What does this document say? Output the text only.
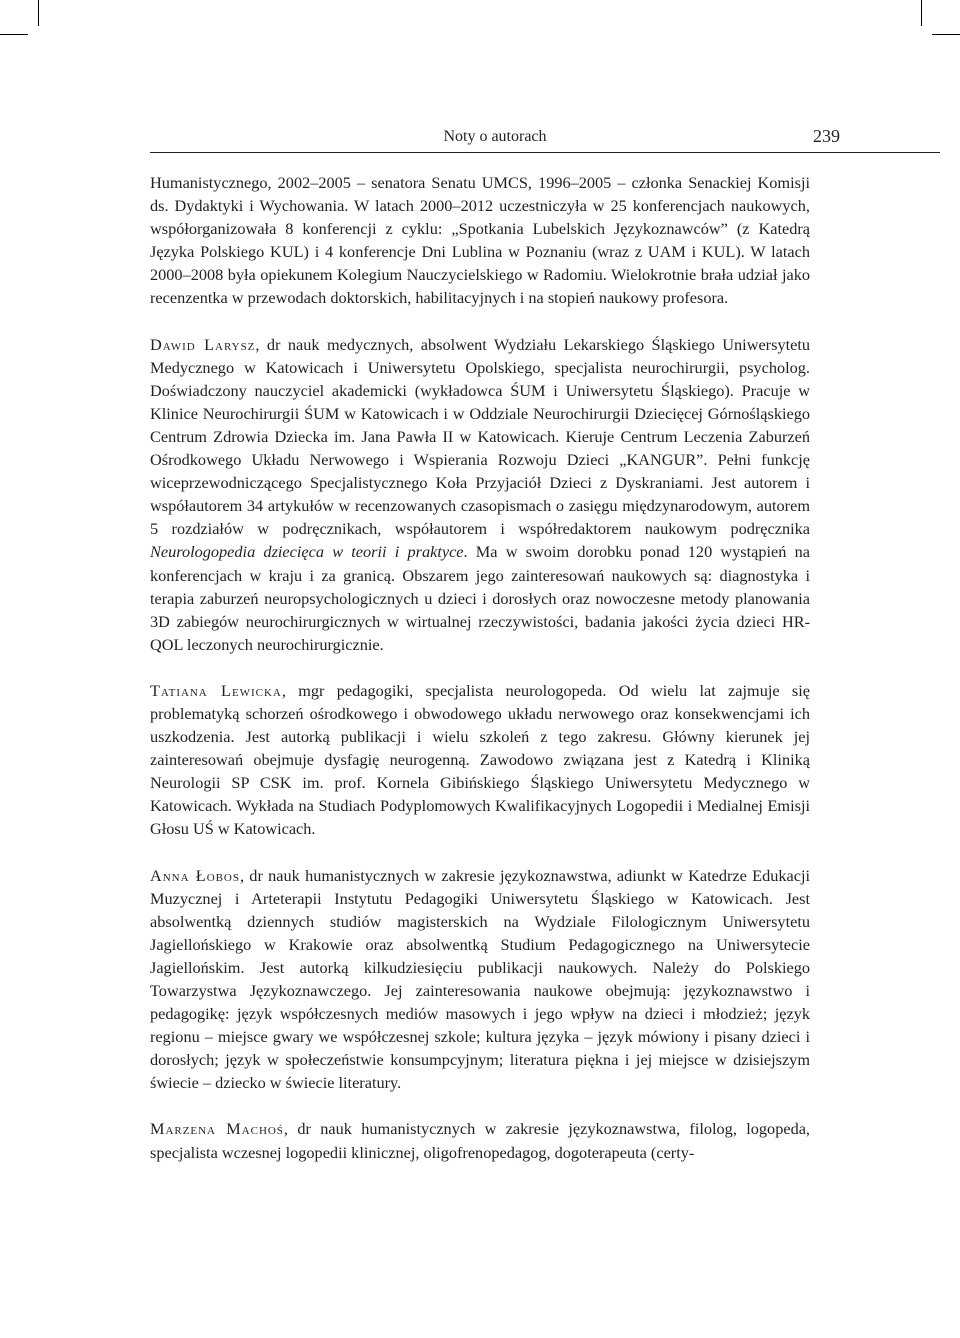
Noty o autorach	239

Humanistycznego, 2002–2005 – senatora Senatu UMCS, 1996–2005 – członka Senackiej Komisji ds. Dydaktyki i Wychowania. W latach 2000–2012 uczestniczyła w 25 konferencjach naukowych, współorganizowała 8 konferencji z cyklu: „Spotkania Lubelskich Językoznawców” (z Katedrą Języka Polskiego KUL) i 4 konferencje Dni Lublina w Poznaniu (wraz z UAM i KUL). W latach 2000–2008 była opiekunem Kolegium Nauczycielskiego w Radomiu. Wielokrotnie brała udział jako recenzentka w przewodach doktorskich, habilitacyjnych i na stopień naukowy profesora.

Dawid Larysz, dr nauk medycznych, absolwent Wydziału Lekarskiego Śląskiego Uniwersytetu Medycznego w Katowicach i Uniwersytetu Opolskiego, specjalista neurochirurgii, psycholog. Doświadczony nauczyciel akademicki (wykładowca ŚUM i Uniwersytetu Śląskiego). Pracuje w Klinice Neurochirurgii ŚUM w Katowicach i w Oddziale Neurochirurgii Dziecięcej Górnośląskiego Centrum Zdrowia Dziecka im. Jana Pawła II w Katowicach. Kieruje Centrum Leczenia Zaburzeń Ośrodkowego Układu Nerwowego i Wspierania Rozwoju Dzieci „KANGUR”. Pełni funkcję wiceprzewodniczącego Specjalistycznego Koła Przyjaciół Dzieci z Dyskraniami. Jest autorem i współautorem 34 artykułów w recenzowanych czasopismach o zasięgu międzynarodowym, autorem 5 rozdziałów w podręcznikach, współautorem i współredaktorem naukowym podręcznika Neurologopedia dziecięca w teorii i praktyce. Ma w swoim dorobku ponad 120 wystąpień na konferencjach w kraju i za granicą. Obszarem jego zainteresowań naukowych są: diagnostyka i terapia zaburzeń neuropsychologicznych u dzieci i dorosłych oraz nowoczesne metody planowania 3D zabiegów neurochirurgicznych w wirtualnej rzeczywistości, badania jakości życia dzieci HR-QOL leczonych neurochirurgicznie.

Tatiana Lewicka, mgr pedagogiki, specjalista neurologopeda. Od wielu lat zajmuje się problematyką schorzeń ośrodkowego i obwodowego układu nerwowego oraz konsekwencjami ich uszkodzenia. Jest autorką publikacji i wielu szkoleń z tego zakresu. Główny kierunek jej zainteresowań obejmuje dysfagię neurogenną. Zawodowo związana jest z Katedrą i Kliniką Neurologii SP CSK im. prof. Kornela Gibińskiego Śląskiego Uniwersytetu Medycznego w Katowicach. Wykłada na Studiach Podyplomowych Kwalifikacyjnych Logopedii i Medialnej Emisji Głosu UŚ w Katowicach.

Anna Łobos, dr nauk humanistycznych w zakresie językoznawstwa, adiunkt w Katedrze Edukacji Muzycznej i Arteterapii Instytutu Pedagogiki Uniwersytetu Śląskiego w Katowicach. Jest absolwentką dziennych studiów magisterskich na Wydziale Filologicznym Uniwersytetu Jagiellońskiego w Krakowie oraz absolwentką Studium Pedagogicznego na Uniwersytecie Jagiellońskim. Jest autorką kilkudziesięciu publikacji naukowych. Należy do Polskiego Towarzystwa Językoznawczego. Jej zainteresowania naukowe obejmują: językoznawstwo i pedagogikę: język współczesnych mediów masowych i jego wpływ na dzieci i młodzież; język regionu – miejsce gwary we współczesnej szkole; kultura języka – język mówiony i pisany dzieci i dorosłych; język w społeczeństwie konsumpcyjnym; literatura piękna i jej miejsce w dzisiejszym świecie – dziecko w świecie literatury.

Marzena Machoś, dr nauk humanistycznych w zakresie językoznawstwa, filolog, logopeda, specjalista wczesnej logopedii klinicznej, oligofrenopedagog, dogoterapeuta (certy-
